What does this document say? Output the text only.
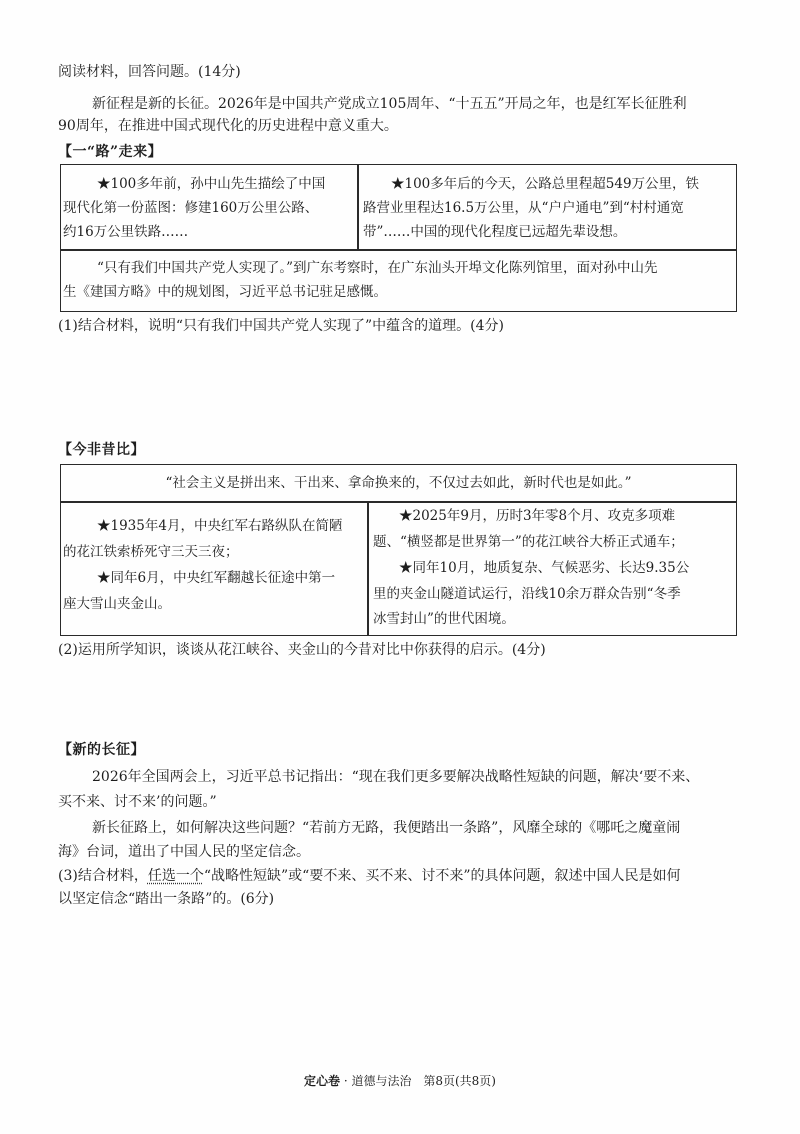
阅读材料，回答问题。(14分)
新征程是新的长征。2026年是中国共产党成立105周年、“十五五”开局之年，也是红军长征胜利
90周年，在推进中国式现代化的历史进程中意义重大。
【一“路”走来】
★100多年前，孙中山先生描绘了中国
现代化第一份蓝图：修建160万公里公路、
约16万公里铁路……
★100多年后的今天，公路总里程超549万公里，铁
路营业里程达16.5万公里，从“户户通电”到“村村通宽
带”……中国的现代化程度已远超先辈设想。
“只有我们中国共产党人实现了。”到广东考察时，在广东汕头开埠文化陈列馆里，面对孙中山先
生《建国方略》中的规划图，习近平总书记驻足感慨。
(1)结合材料，说明“只有我们中国共产党人实现了”中蕴含的道理。(4分)
【今非昔比】
“社会主义是拼出来、干出来、拿命换来的，不仅过去如此，新时代也是如此。”
★1935年4月，中央红军右路纵队在简陋
的花江铁索桥死守三天三夜；
★同年6月，中央红军翻越长征途中第一
座大雪山夹金山。
★2025年9月，历时3年零8个月、攻克多项难
题、“横竖都是世界第一”的花江峡谷大桥正式通车；
★同年10月，地质复杂、气候恶劣、长达9.35公
里的夹金山隧道试运行，沿线10余万群众告别“冬季
冰雪封山”的世代困境。
(2)运用所学知识，谈谈从花江峡谷、夹金山的今昔对比中你获得的启示。(4分)
【新的长征】
2026年全国两会上，习近平总书记指出：“现在我们更多要解决战略性短缺的问题，解决‘要不来、
买不来、讨不来’的问题。”
新长征路上，如何解决这些问题？“若前方无路，我便踏出一条路”，风靡全球的《哪吒之魔童闹
海》台词，道出了中国人民的坚定信念。
(3)结合材料，任选一个“战略性短缺”或“要不来、买不来、讨不来”的具体问题，叙述中国人民是如何
以坚定信念“踏出一条路”的。(6分)
定心卷 · 道德与法治 第8页(共8页)
